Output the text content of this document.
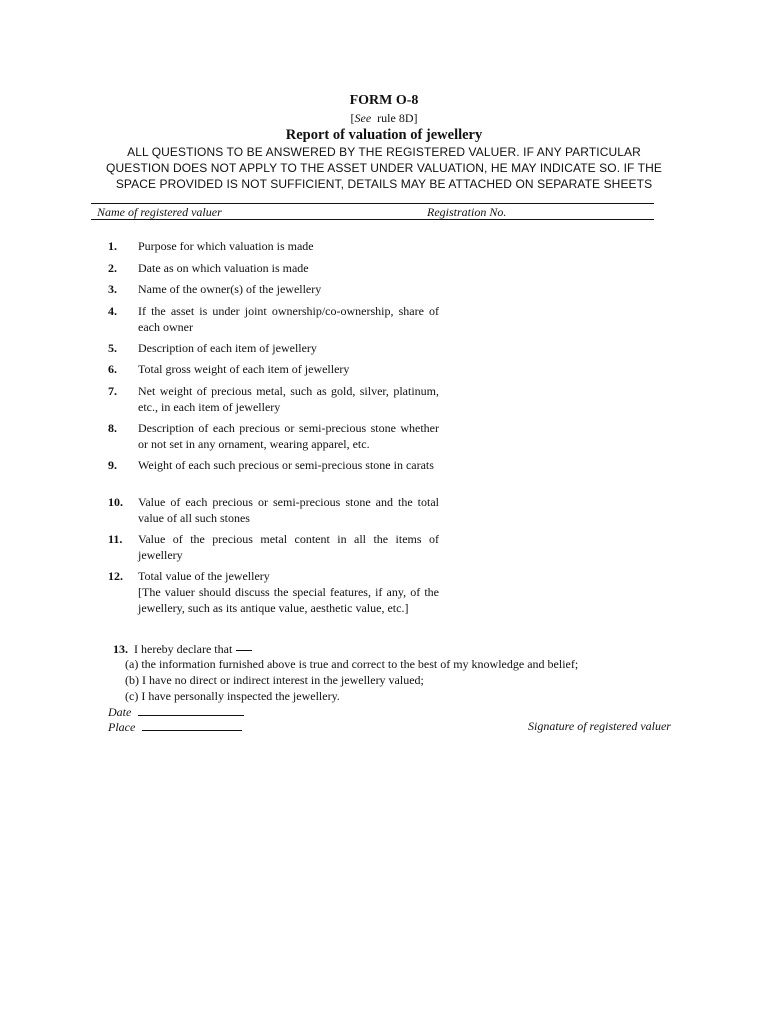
FORM O-8
[See rule 8D]
Report of valuation of jewellery
ALL QUESTIONS TO BE ANSWERED BY THE REGISTERED VALUER. IF ANY PARTICULAR QUESTION DOES NOT APPLY TO THE ASSET UNDER VALUATION, HE MAY INDICATE SO. IF THE SPACE PROVIDED IS NOT SUFFICIENT, DETAILS MAY BE ATTACHED ON SEPARATE SHEETS
Name of registered valuer	Registration No.
1.	Purpose for which valuation is made
2.	Date as on which valuation is made
3.	Name of the owner(s) of the jewellery
4.	If the asset is under joint ownership/co-ownership, share of each owner
5.	Description of each item of jewellery
6.	Total gross weight of each item of jewellery
7.	Net weight of precious metal, such as gold, silver, platinum, etc., in each item of jewellery
8.	Description of each precious or semi-precious stone whether or not set in any ornament, wearing apparel, etc.
9.	Weight of each such precious or semi-precious stone in carats
10.	Value of each precious or semi-precious stone and the total value of all such stones
11.	Value of the precious metal content in all the items of jewellery
12.	Total value of the jewellery
[The valuer should discuss the special features, if any, of the jewellery, such as its antique value, aesthetic value, etc.]
13. I hereby declare that
(a) the information furnished above is true and correct to the best of my knowledge and belief;
(b) I have no direct or indirect interest in the jewellery valued;
(c) I have personally inspected the jewellery.
Date
Place	Signature of registered valuer
